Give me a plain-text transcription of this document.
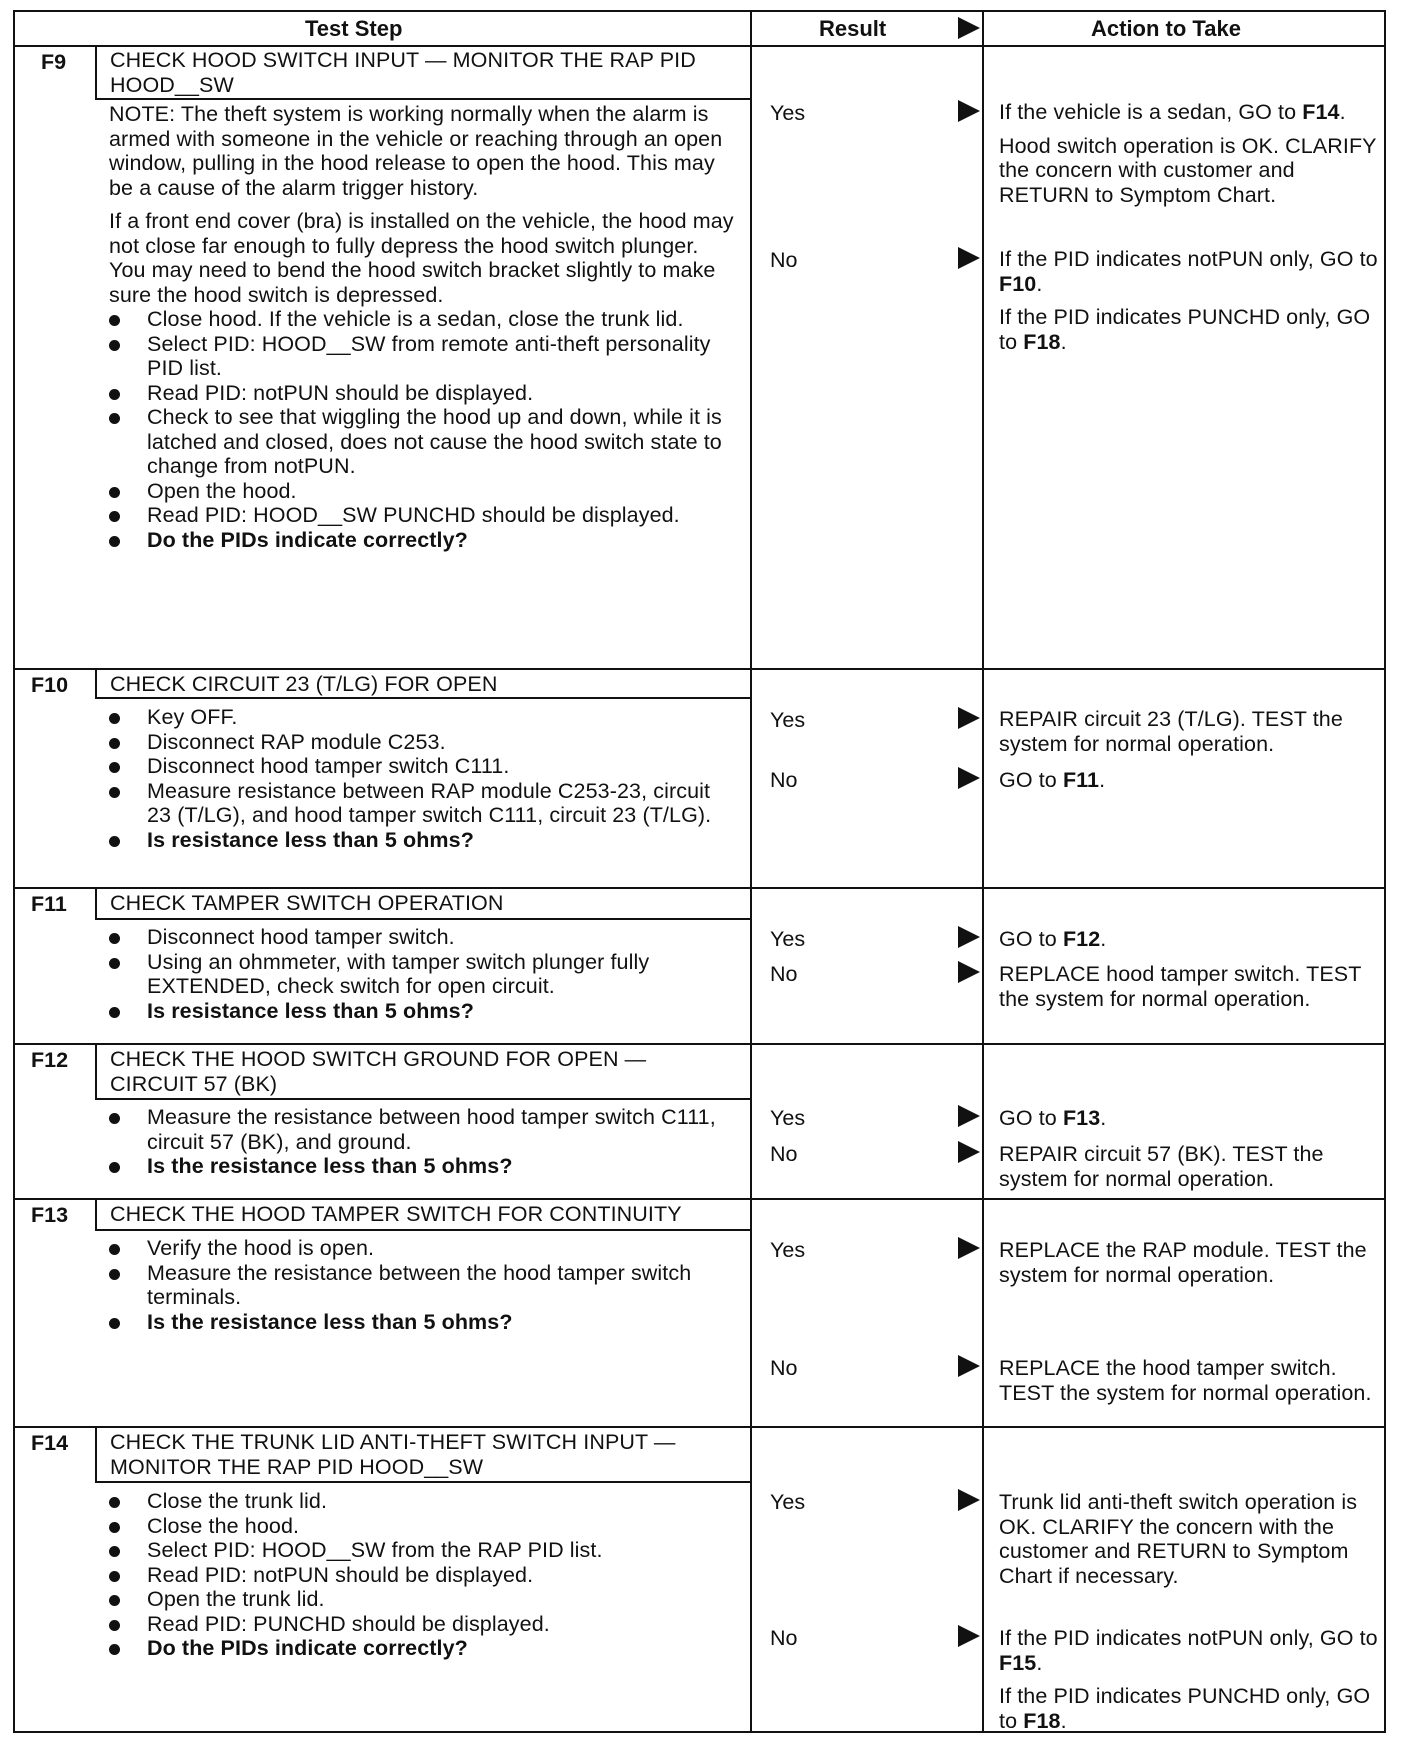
Test Step	Result	Action to Take
F9 CHECK HOOD SWITCH INPUT — MONITOR THE RAP PID HOOD__SW

NOTE: The theft system is working normally when the alarm is armed with someone in the vehicle or reaching through an open window, pulling in the hood release to open the hood. This may be a cause of the alarm trigger history.

If a front end cover (bra) is installed on the vehicle, the hood may not close far enough to fully depress the hood switch plunger. You may need to bend the hood switch bracket slightly to make sure the hood switch is depressed.

Close hood. If the vehicle is a sedan, close the trunk lid.
Select PID: HOOD__SW from remote anti-theft personality PID list.
Read PID: notPUN should be displayed.
Check to see that wiggling the hood up and down, while it is latched and closed, does not cause the hood switch state to change from notPUN.
Open the hood.
Read PID: HOOD__SW PUNCHD should be displayed.
Do the PIDs indicate correctly?
Yes
No

If the vehicle is a sedan, GO to F14.

Hood switch operation is OK. CLARIFY the concern with customer and RETURN to Symptom Chart.

If the PID indicates notPUN only, GO to F10.

If the PID indicates PUNCHD only, GO to F18.

F10 CHECK CIRCUIT 23 (T/LG) FOR OPEN
Key OFF.
Disconnect RAP module C253.
Disconnect hood tamper switch C111.
Measure resistance between RAP module C253-23, circuit 23 (T/LG), and hood tamper switch C111, circuit 23 (T/LG).
Is resistance less than 5 ohms?
Yes
No
REPAIR circuit 23 (T/LG). TEST the system for normal operation.
GO to F11.
F11 CHECK TAMPER SWITCH OPERATION
Disconnect hood tamper switch.
Using an ohmmeter, with tamper switch plunger fully EXTENDED, check switch for open circuit.
Is resistance less than 5 ohms?
Yes
No
GO to F12.
REPLACE hood tamper switch. TEST the system for normal operation.
F12 CHECK THE HOOD SWITCH GROUND FOR OPEN — CIRCUIT 57 (BK)
Measure the resistance between hood tamper switch C111, circuit 57 (BK), and ground.
Is the resistance less than 5 ohms?
Yes
No
GO to F13.
REPAIR circuit 57 (BK). TEST the system for normal operation.
F13 CHECK THE HOOD TAMPER SWITCH FOR CONTINUITY
Verify the hood is open.
Measure the resistance between the hood tamper switch terminals.
Is the resistance less than 5 ohms?
Yes
No
REPLACE the RAP module. TEST the system for normal operation.
REPLACE the hood tamper switch. TEST the system for normal operation.
F14 CHECK THE TRUNK LID ANTI-THEFT SWITCH INPUT — MONITOR THE RAP PID HOOD__SW
Close the trunk lid.
Close the hood.
Select PID: HOOD__SW from the RAP PID list.
Read PID: notPUN should be displayed.
Open the trunk lid.
Read PID: PUNCHD should be displayed.
Do the PIDs indicate correctly?
Yes
No
Trunk lid anti-theft switch operation is OK. CLARIFY the concern with the customer and RETURN to Symptom Chart if necessary.

If the PID indicates notPUN only, GO to F15.

If the PID indicates PUNCHD only, GO to F18.
